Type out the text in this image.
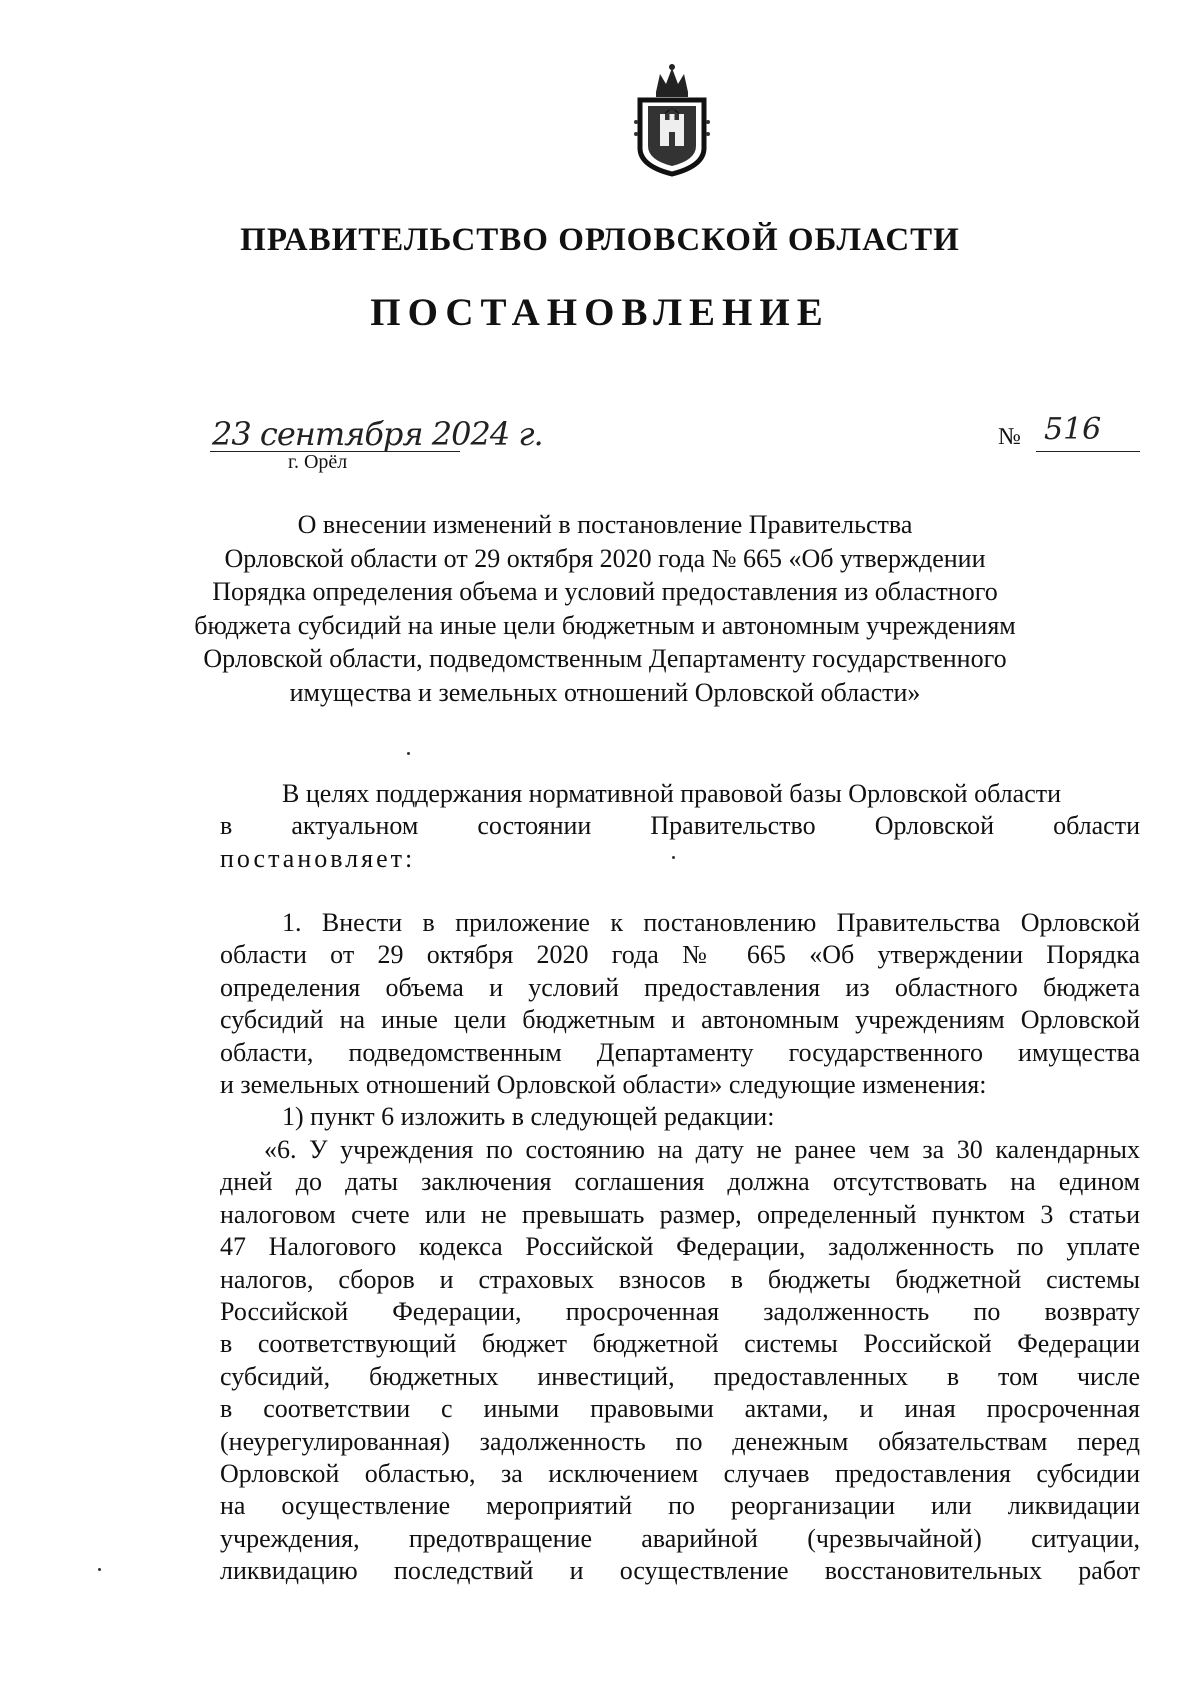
ПРАВИТЕЛЬСТВО ОРЛОВСКОЙ ОБЛАСТИ
ПОСТАНОВЛЕНИЕ
23 сентября 2024 г.
г. Орёл
№ 516
О внесении изменений в постановление Правительства
Орловской области от 29 октября 2020 года № 665 «Об утверждении
Порядка определения объема и условий предоставления из областного
бюджета субсидий на иные цели бюджетным и автономным учреждениям
Орловской области, подведомственным Департаменту государственного
имущества и земельных отношений Орловской области»
В целях поддержания нормативной правовой базы Орловской области
в актуальном состоянии Правительство Орловской области
постановляет:
1. Внести в приложение к постановлению Правительства Орловской
области от 29 октября 2020 года № 665 «Об утверждении Порядка
определения объема и условий предоставления из областного бюджета
субсидий на иные цели бюджетным и автономным учреждениям Орловской
области, подведомственным Департаменту государственного имущества
и земельных отношений Орловской области» следующие изменения:
1) пункт 6 изложить в следующей редакции:
«6. У учреждения по состоянию на дату не ранее чем за 30 календарных
дней до даты заключения соглашения должна отсутствовать на едином
налоговом счете или не превышать размер, определенный пунктом 3 статьи
47 Налогового кодекса Российской Федерации, задолженность по уплате
налогов, сборов и страховых взносов в бюджеты бюджетной системы
Российской Федерации, просроченная задолженность по возврату
в соответствующий бюджет бюджетной системы Российской Федерации
субсидий, бюджетных инвестиций, предоставленных в том числе
в соответствии с иными правовыми актами, и иная просроченная
(неурегулированная) задолженность по денежным обязательствам перед
Орловской областью, за исключением случаев предоставления субсидии
на осуществление мероприятий по реорганизации или ликвидации
учреждения, предотвращение аварийной (чрезвычайной) ситуации,
ликвидацию последствий и осуществление восстановительных работ
